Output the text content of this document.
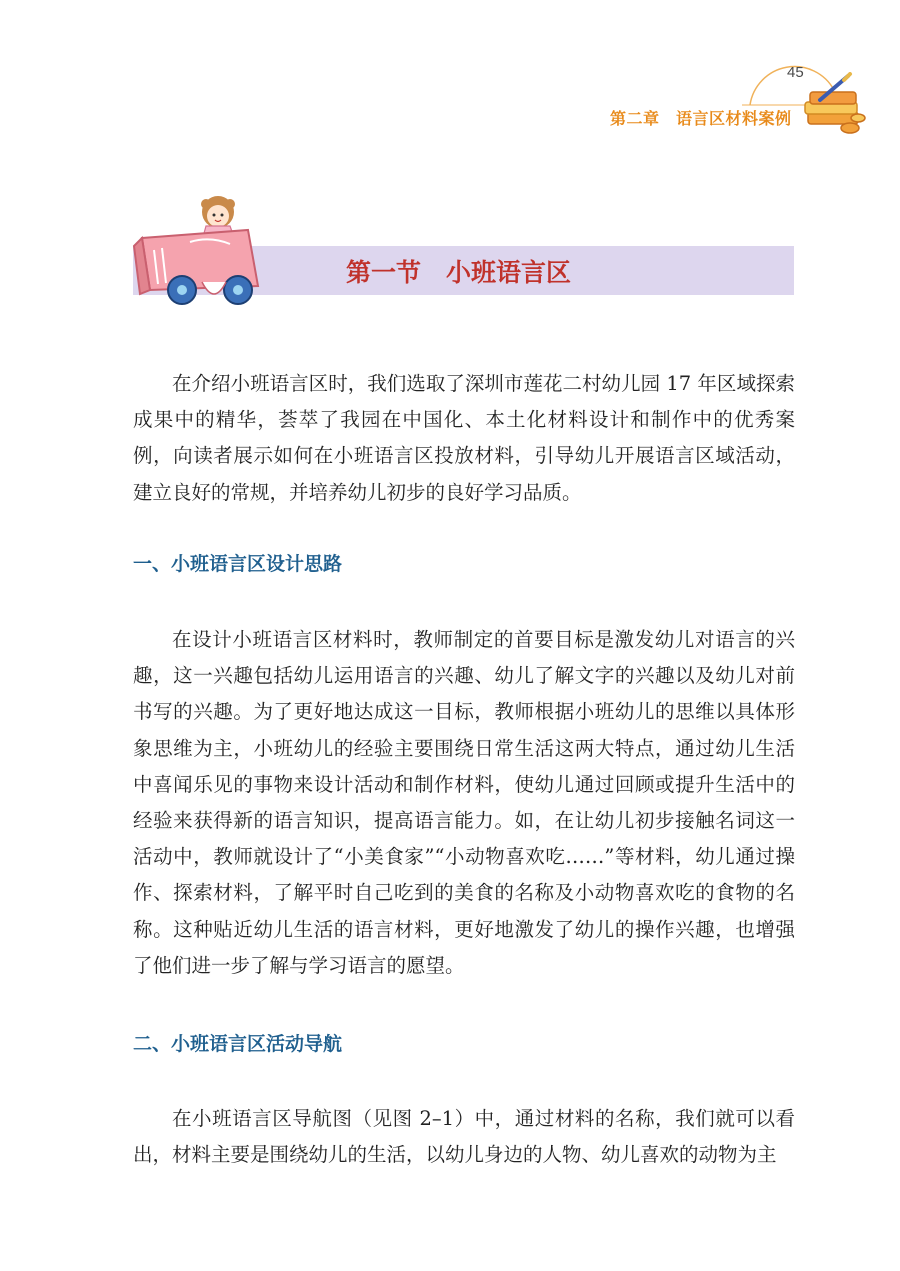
45
第二章　语言区材料案例
第一节　小班语言区

在介绍小班语言区时，我们选取了深圳市莲花二村幼儿园 17 年区域探索成果中的精华，荟萃了我园在中国化、本土化材料设计和制作中的优秀案例，向读者展示如何在小班语言区投放材料，引导幼儿开展语言区域活动，建立良好的常规，并培养幼儿初步的良好学习品质。

一、小班语言区设计思路

在设计小班语言区材料时，教师制定的首要目标是激发幼儿对语言的兴趣，这一兴趣包括幼儿运用语言的兴趣、幼儿了解文字的兴趣以及幼儿对前书写的兴趣。为了更好地达成这一目标，教师根据小班幼儿的思维以具体形象思维为主，小班幼儿的经验主要围绕日常生活这两大特点，通过幼儿生活中喜闻乐见的事物来设计活动和制作材料，使幼儿通过回顾或提升生活中的经验来获得新的语言知识，提高语言能力。如，在让幼儿初步接触名词这一活动中，教师就设计了“小美食家”“小动物喜欢吃……”等材料，幼儿通过操作、探索材料，了解平时自己吃到的美食的名称及小动物喜欢吃的食物的名称。这种贴近幼儿生活的语言材料，更好地激发了幼儿的操作兴趣，也增强了他们进一步了解与学习语言的愿望。

二、小班语言区活动导航

在小班语言区导航图（见图 2–1）中，通过材料的名称，我们就可以看出，材料主要是围绕幼儿的生活，以幼儿身边的人物、幼儿喜欢的动物为主
